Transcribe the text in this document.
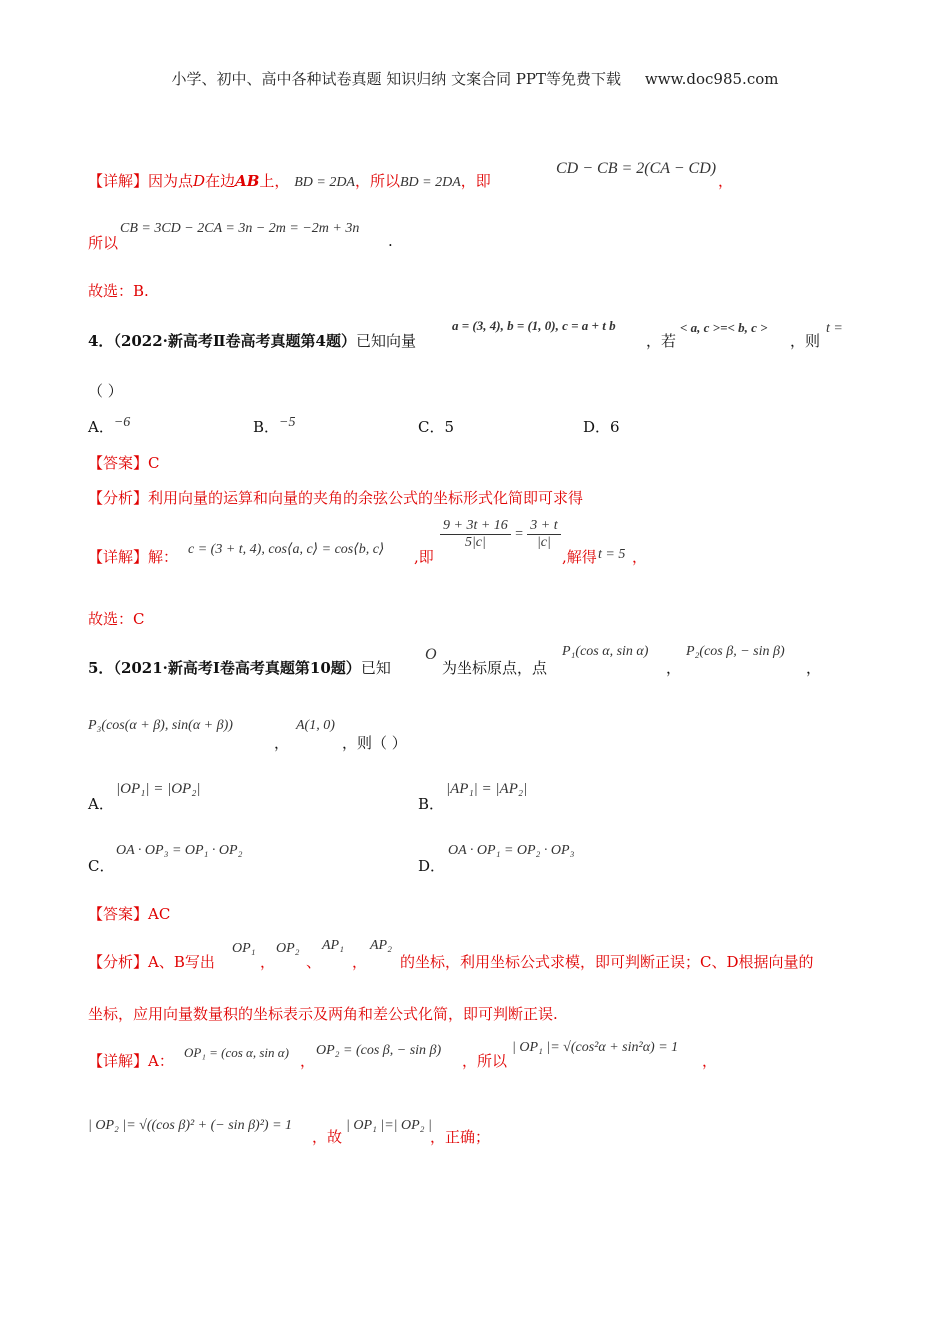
小学、初中、高中各种试卷真题 知识归纳 文案合同 PPT等免费下载 www.doc985.com
【详解】因为点D在边AB上， BD = 2DA，所以BD = 2DA，即
CD − CB = 2(CA − CD)
，
所以
CB = 3CD − 2CA = 3n − 2m = −2m + 3n
.
故选：B.
4．（2022·新高考Ⅱ卷高考真题第4题）已知向量
a = (3, 4), b = (1, 0), c = a + t b
，若
< a, c >=< b, c >
，则
t =
（ ）
A．−6	B．−5	C．5	D．6
【答案】C
【分析】利用向量的运算和向量的夹角的余弦公式的坐标形式化简即可求得
【详解】解： c = (3 + t, 4), cos⟨a, c⟩ = cos⟨b, c⟩ ,即
$\frac{9 + 3t + 16}{5|c|} = \frac{3 + t}{|c|}$
,解得 t = 5 ，
故选：C
5．（2021·新高考Ⅰ卷高考真题第10题）已知
O
为坐标原点，点
P₁(cos α, sin α)
，
P₂(cos β, − sin β)
，
P₃(cos(α + β), sin(α + β))
，
A(1, 0)
，则（ ）
A．
|OP₁| = |OP₂|
B．
|AP₁| = |AP₂|
C．
OA · OP₃ = OP₁ · OP₂
D．
OA · OP₁ = OP₂ · OP₃
【答案】AC
【分析】A、B写出
OP₁
，
OP₂
、
AP₁
，
AP₂
的坐标，利用坐标公式求模，即可判断正误；C、D根据向量的
坐标，应用向量数量积的坐标表示及两角和差公式化简，即可判断正误.
【详解】A： OP₁ = (cos α, sin α) ，
OP₂ = (cos β, − sin β)
，所以
| OP₁ |= √(cos²α + sin²α) = 1
，
| OP₂ |= √((cos β)² + (− sin β)²) = 1
，故
| OP₁ |=| OP₂ |
，正确；
